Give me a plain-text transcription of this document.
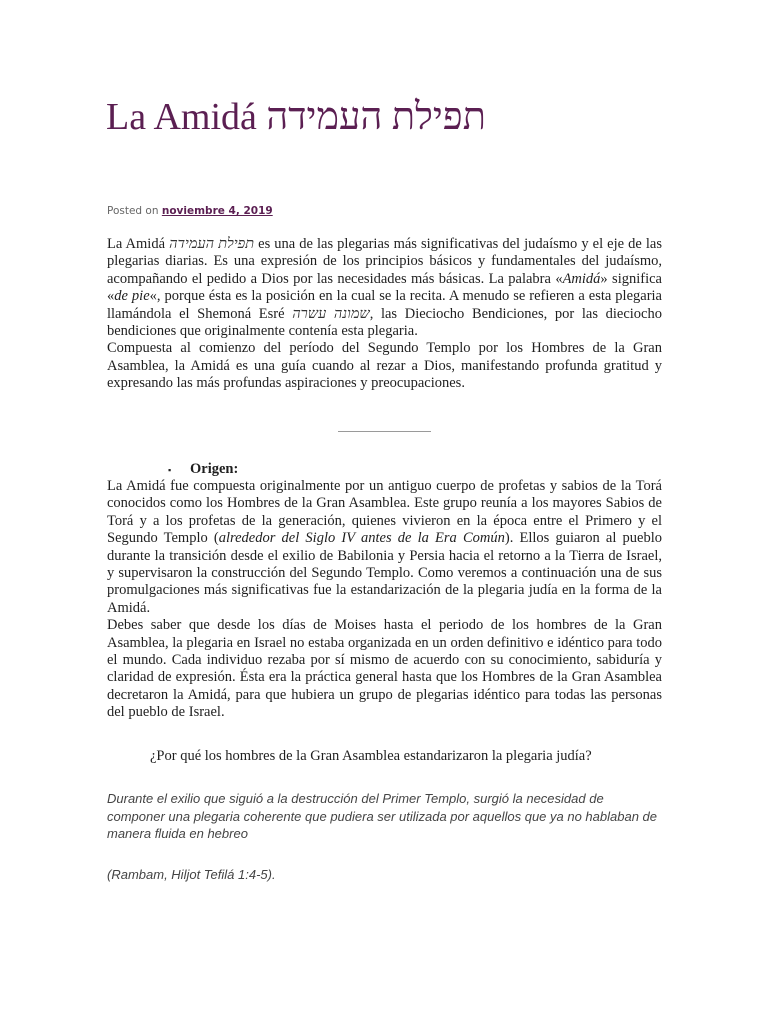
La Amidá תפילת העמידה
Posted on noviembre 4, 2019

La Amidá תפילת העמידה es una de las plegarias más significativas del judaísmo y el eje de las plegarias diarias. Es una expresión de los principios básicos y fundamentales del judaísmo, acompañando el pedido a Dios por las necesidades más básicas. La palabra «Amidá» significa «de pie«, porque ésta es la posición en la cual se la recita. A menudo se refieren a esta plegaria llamándola el Shemoná Esré שמונה עשרה, las Dieciocho Bendiciones, por las dieciocho bendiciones que originalmente contenía esta plegaria.

Compuesta al comienzo del período del Segundo Templo por los Hombres de la Gran Asamblea, la Amidá es una guía cuando al rezar a Dios, manifestando profunda gratitud y expresando las más profundas aspiraciones y preocupaciones.

▪ Origen:

La Amidá fue compuesta originalmente por un antiguo cuerpo de profetas y sabios de la Torá conocidos como los Hombres de la Gran Asamblea. Este grupo reunía a los mayores Sabios de Torá y a los profetas de la generación, quienes vivieron en la época entre el Primero y el Segundo Templo (alrededor del Siglo IV antes de la Era Común). Ellos guiaron al pueblo durante la transición desde el exilio de Babilonia y Persia hacia el retorno a la Tierra de Israel, y supervisaron la construcción del Segundo Templo. Como veremos a continuación una de sus promulgaciones más significativas fue la estandarización de la plegaria judía en la forma de la Amidá.

Debes saber que desde los días de Moises hasta el periodo de los hombres de la Gran Asamblea, la plegaria en Israel no estaba organizada en un orden definitivo e idéntico para todo el mundo. Cada individuo rezaba por sí mismo de acuerdo con su conocimiento, sabiduría y claridad de expresión. Ésta era la práctica general hasta que los Hombres de la Gran Asamblea decretaron la Amidá, para que hubiera un grupo de plegarias idéntico para todas las personas del pueblo de Israel.

¿Por qué los hombres de la Gran Asamblea estandarizaron la plegaria judía?

Durante el exilio que siguió a la destrucción del Primer Templo, surgió la necesidad de componer una plegaria coherente que pudiera ser utilizada por aquellos que ya no hablaban de manera fluida en hebreo

(Rambam, Hiljot Tefilá 1:4-5).
